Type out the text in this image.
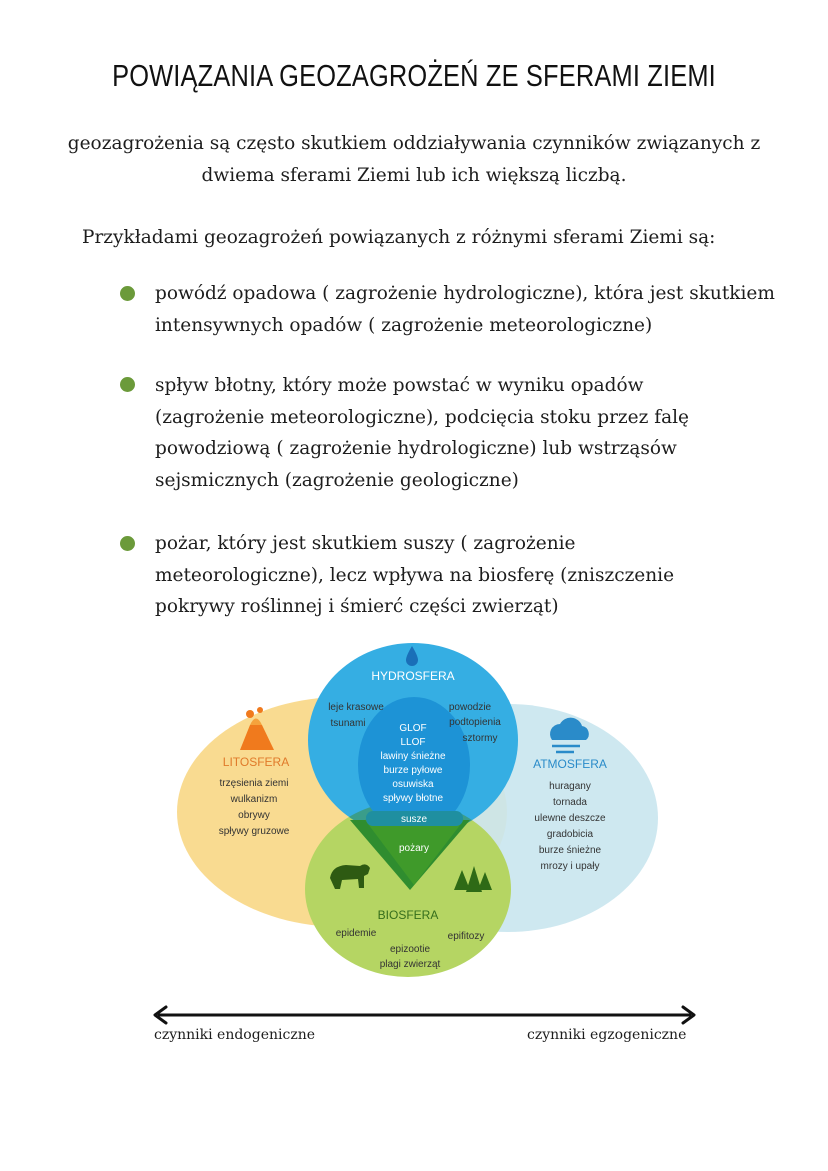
POWIĄZANIA GEOZAGROŻEŃ ZE SFERAMI ZIEMI
geozagrożenia są często skutkiem oddziaływania czynników związanych z dwiema sferami Ziemi lub ich większą liczbą.
Przykładami geozagrożeń powiązanych z różnymi sferami Ziemi są:
powódź opadowa ( zagrożenie hydrologiczne), która jest skutkiem intensywnych opadów ( zagrożenie meteorologiczne)
spływ błotny, który może powstać w wyniku opadów (zagrożenie meteorologiczne), podcięcia stoku przez falę powodziową ( zagrożenie hydrologiczne) lub wstrząsów sejsmicznych (zagrożenie geologiczne)
pożar, który jest skutkiem suszy ( zagrożenie meteorologiczne), lecz wpływa na biosferę (zniszczenie pokrywy roślinnej i śmierć części zwierząt)
HYDROSFERA
LITOSFERA	ATMOSFERA
BIOSFERA
trzęsienia ziemi
wulkanizm
obrywy
spływy gruzowe
huragany
tornada
ulewne deszcze
gradobicia
burze śnieżne
mrozy i upały
leje krasowe
tsunami
powodzie
podtopienia
sztormy
epidemie	epifitozy
epizootie
plagi zwierząt
GLOF
LLOF
lawiny śnieżne
burze pyłowe
osuwiska
spływy błotne
susze
pożary
czynniki endogeniczne	czynniki egzogeniczne
